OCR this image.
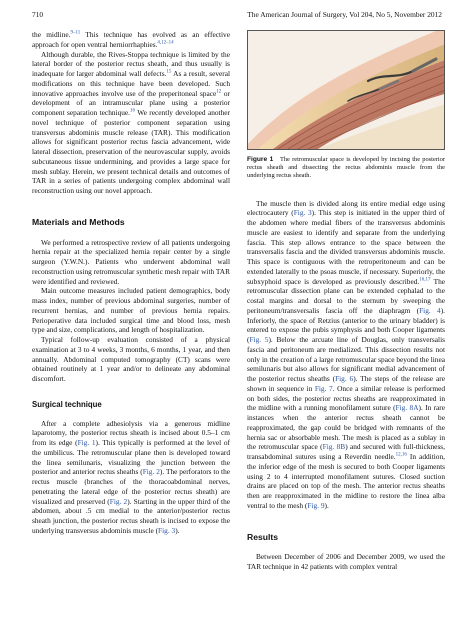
710	The American Journal of Surgery, Vol 204, No 5, November 2012

the midline.$^{9-11}$ This technique has evolved as an effective approach for open ventral herniorrhaphies.$^{4,12-14}$

Although durable, the Rives-Stoppa technique is limited by the lateral border of the posterior rectus sheath, and thus usually is inadequate for larger abdominal wall defects.$^{15}$ As a result, several modifications on this technique have been developed. Such innovative approaches involve use of the preperitoneal space$^{12}$ or development of an intramuscular plane using a posterior component separation technique.$^{16}$ We recently developed another novel technique of posterior component separation using transversus abdominis muscle release (TAR). This modification allows for significant posterior rectus fascia advancement, wide lateral dissection, preservation of the neurovascular supply, avoids subcutaneous tissue undermining, and provides a large space for mesh sublay. Herein, we present technical details and outcomes of TAR in a series of patients undergoing complex abdominal wall reconstruction using our novel approach.

Materials and Methods

We performed a retrospective review of all patients undergoing hernia repair at the specialized hernia repair center by a single surgeon (Y.W.N.). Patients who underwent abdominal wall reconstruction using retromuscular synthetic mesh repair with TAR were identified and reviewed.

Main outcome measures included patient demographics, body mass index, number of previous abdominal surgeries, number of recurrent hernias, and number of previous hernia repairs. Perioperative data included surgical time and blood loss, mesh type and size, complications, and length of hospitalization.

Typical follow-up evaluation consisted of a physical examination at 3 to 4 weeks, 3 months, 6 months, 1 year, and then annually. Abdominal computed tomography (CT) scans were obtained routinely at 1 year and/or to delineate any abdominal discomfort.

Surgical technique

After a complete adhesiolysis via a generous midline laparotomy, the posterior rectus sheath is incised about 0.5–1 cm from its edge (Fig. 1). This typically is performed at the level of the umbilicus. The retromuscular plane then is developed toward the linea semilunaris, visualizing the junction between the posterior and anterior rectus sheaths (Fig. 2). The perforators to the rectus muscle (branches of the thoracoabdominal nerves, penetrating the lateral edge of the posterior rectus sheath) are visualized and preserved (Fig. 2). Starting in the upper third of the abdomen, about .5 cm medial to the anterior/posterior rectus sheath junction, the posterior rectus sheath is incised to expose the underlying transversus abdominis muscle (Fig. 3).

Figure 1 The retromuscular space is developed by incising the posterior rectus sheath and dissecting the rectus abdominis muscle from the underlying rectus sheath.

The muscle then is divided along its entire medial edge using electrocautery (Fig. 3). This step is initiated in the upper third of the abdomen where medial fibers of the transversus abdominis muscle are easiest to identify and separate from the underlying fascia. This step allows entrance to the space between the transversalis fascia and the divided transversus abdominis muscle. This space is contiguous with the retroperitoneum and can be extended laterally to the psoas muscle, if necessary. Superiorly, the subxyphoid space is developed as previously described.$^{16,17}$ The retromuscular dissection plane can be extended cephalad to the costal margins and dorsal to the sternum by sweeping the peritoneum/transversalis fascia off the diaphragm (Fig. 4). Inferiorly, the space of Retzius (anterior to the urinary bladder) is entered to expose the pubis symphysis and both Cooper ligaments (Fig. 5). Below the arcuate line of Douglas, only transversalis fascia and peritoneum are medialized. This dissection results not only in the creation of a large retromuscular space beyond the linea semilunaris but also allows for significant medial advancement of the posterior rectus sheaths (Fig. 6). The steps of the release are shown in sequence in Fig. 7. Once a similar release is performed on both sides, the posterior rectus sheaths are reapproximated in the midline with a running monofilament suture (Fig. 8A). In rare instances when the anterior rectus sheath cannot be reapproximated, the gap could be bridged with remnants of the hernia sac or absorbable mesh. The mesh is placed as a sublay in the retromuscular space (Fig. 8B) and secured with full-thickness, transabdominal sutures using a Reverdin needle.$^{12,16}$ In addition, the inferior edge of the mesh is secured to both Cooper ligaments using 2 to 4 interrupted monofilament sutures. Closed suction drains are placed on top of the mesh. The anterior rectus sheaths then are reapproximated in the midline to restore the linea alba ventral to the mesh (Fig. 9).

Results

Between December of 2006 and December 2009, we used the TAR technique in 42 patients with complex ventral
